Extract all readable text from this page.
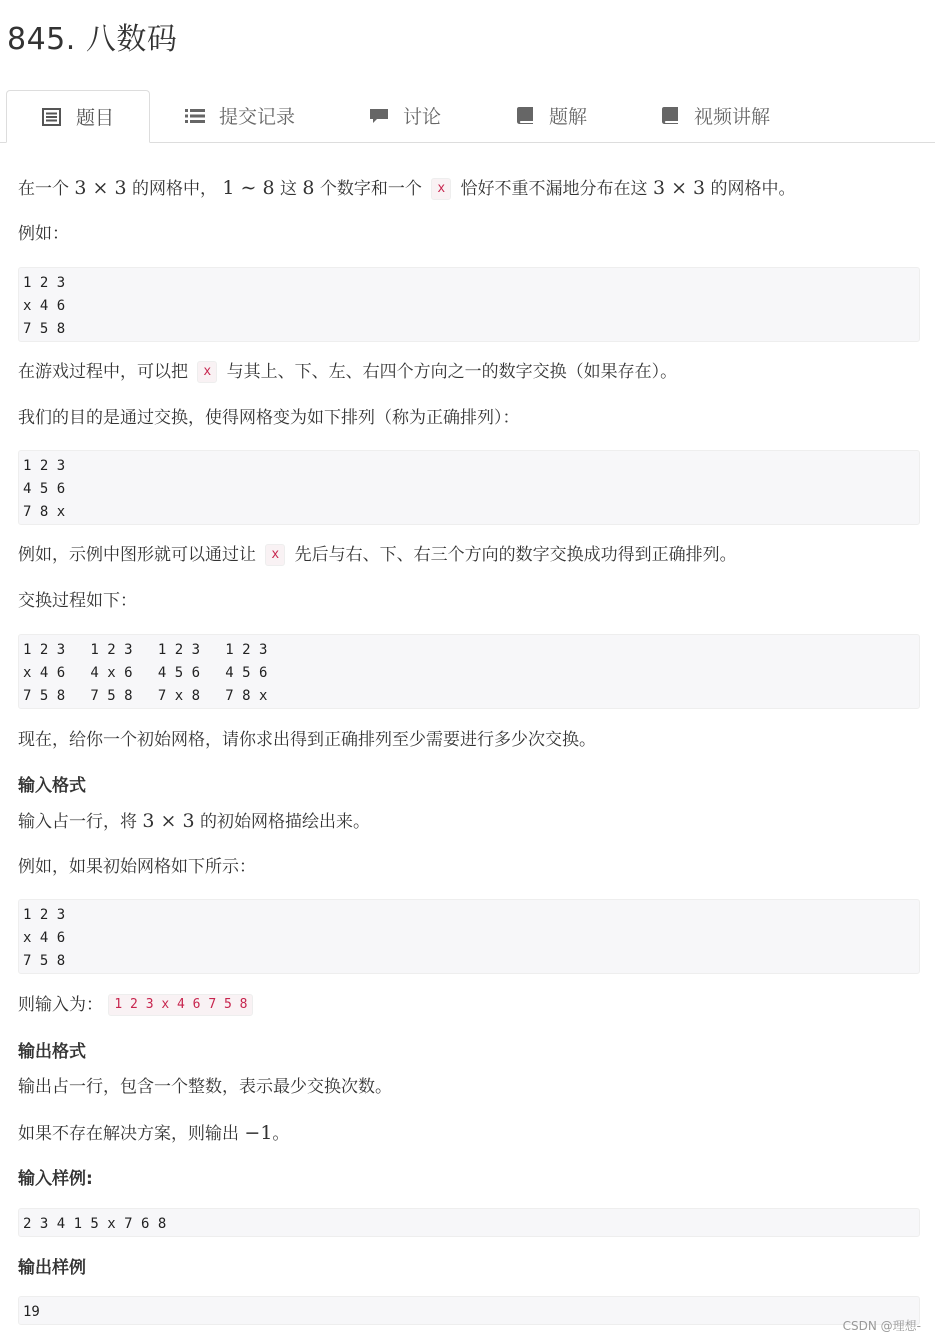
845. 八数码
题目	提交记录	讨论	题解	视频讲解
在一个 3 × 3 的网格中， 1 ∼ 8 这 8 个数字和一个 x 恰好不重不漏地分布在这 3 × 3 的网格中。
例如：
1 2 3
x 4 6
7 5 8
在游戏过程中，可以把 x 与其上、下、左、右四个方向之一的数字交换（如果存在）。
我们的目的是通过交换，使得网格变为如下排列（称为正确排列）：
1 2 3
4 5 6
7 8 x
例如，示例中图形就可以通过让 x 先后与右、下、右三个方向的数字交换成功得到正确排列。
交换过程如下：
1 2 3   1 2 3   1 2 3   1 2 3
x 4 6   4 x 6   4 5 6   4 5 6
7 5 8   7 5 8   7 x 8   7 8 x
现在，给你一个初始网格，请你求出得到正确排列至少需要进行多少次交换。
输入格式
输入占一行，将 3 × 3 的初始网格描绘出来。
例如，如果初始网格如下所示：
1 2 3
x 4 6
7 5 8
则输入为： 1 2 3 x 4 6 7 5 8
输出格式
输出占一行，包含一个整数，表示最少交换次数。
如果不存在解决方案，则输出 −1。
输入样例:
2 3 4 1 5 x 7 6 8
输出样例
19
CSDN @理想-
